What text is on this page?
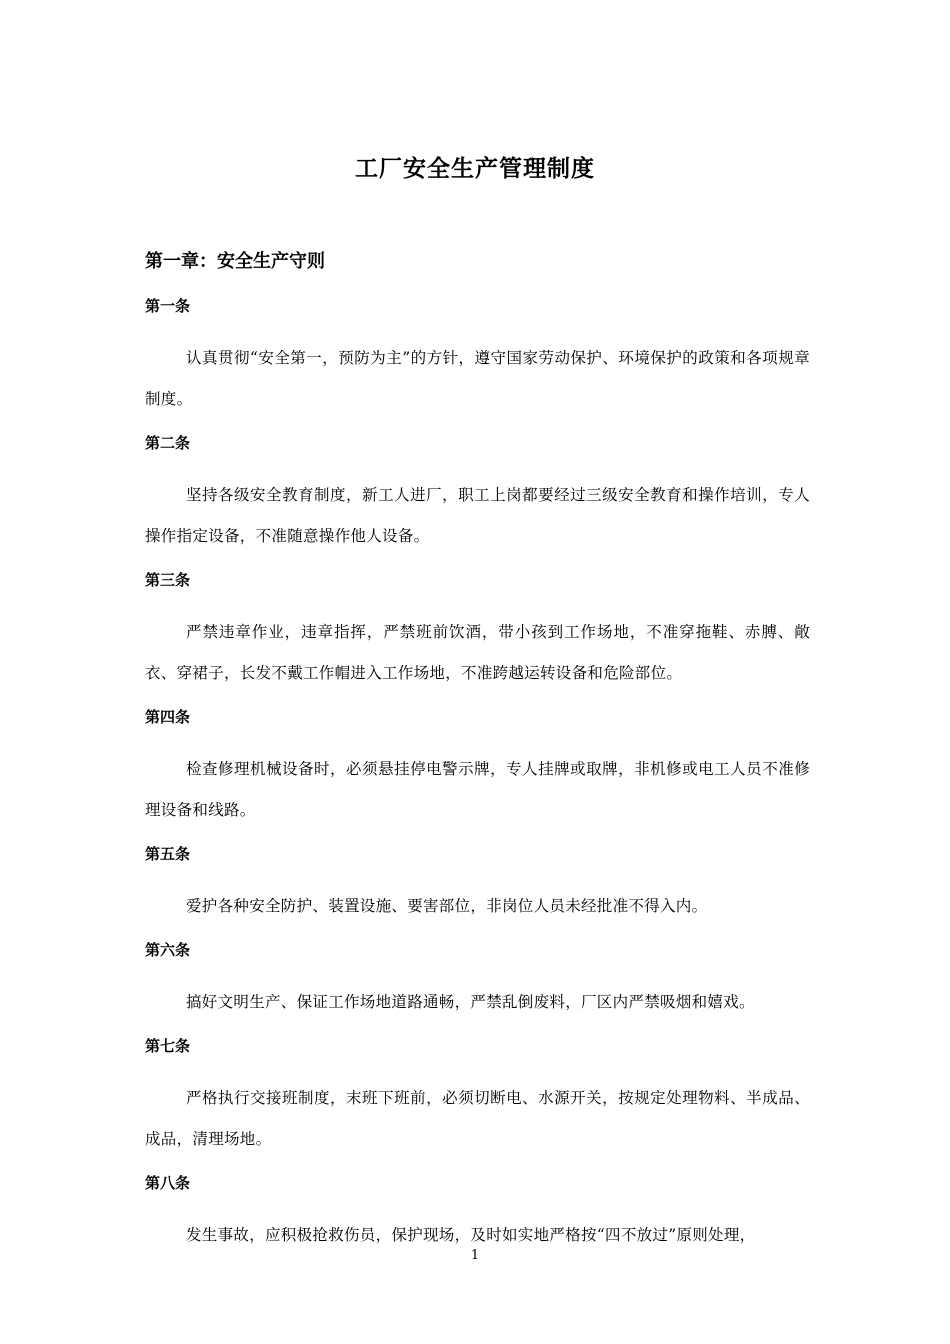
工厂安全生产管理制度
第一章：安全生产守则

第一条

认真贯彻“安全第一，预防为主”的方针，遵守国家劳动保护、环境保护的政策和各项规章制度。

第二条

坚持各级安全教育制度，新工人进厂，职工上岗都要经过三级安全教育和操作培训，专人操作指定设备，不准随意操作他人设备。

第三条

严禁违章作业，违章指挥，严禁班前饮酒，带小孩到工作场地，不准穿拖鞋、赤膊、敞衣、穿裙子，长发不戴工作帽进入工作场地，不准跨越运转设备和危险部位。

第四条

检查修理机械设备时，必须悬挂停电警示牌，专人挂牌或取牌，非机修或电工人员不准修理设备和线路。

第五条

爱护各种安全防护、装置设施、要害部位，非岗位人员未经批准不得入内。

第六条

搞好文明生产、保证工作场地道路通畅，严禁乱倒废料，厂区内严禁吸烟和嬉戏。

第七条

严格执行交接班制度，末班下班前，必须切断电、水源开关，按规定处理物料、半成品、成品，清理场地。

第八条

发生事故，应积极抢救伤员，保护现场，及时如实地严格按“四不放过”原则处理，

1
